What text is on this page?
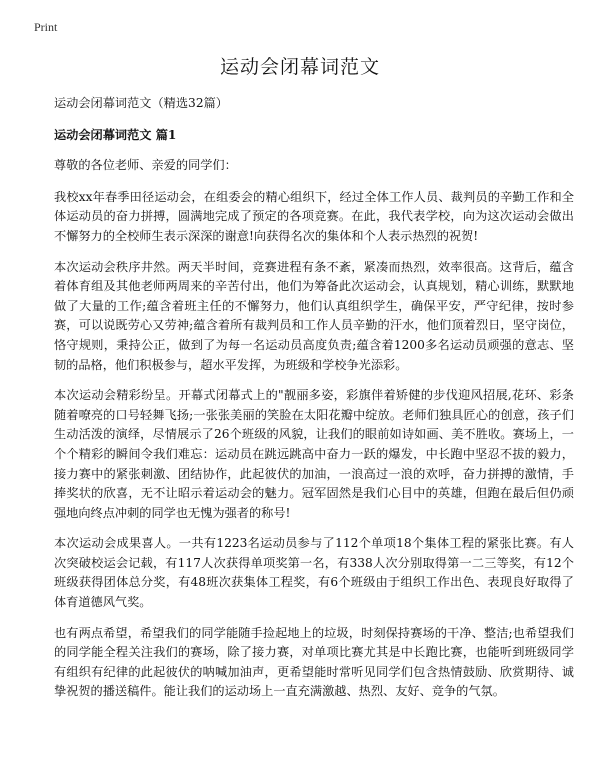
Print
运动会闭幕词范文

运动会闭幕词范文（精选32篇）

运动会闭幕词范文 篇1

尊敬的各位老师、亲爱的同学们：

我校xx年春季田径运动会，在组委会的精心组织下，经过全体工作人员、裁判员的辛勤工作和全体运动员的奋力拼搏，圆满地完成了预定的各项竞赛。在此，我代表学校，向为这次运动会做出不懈努力的全校师生表示深深的谢意!向获得名次的集体和个人表示热烈的祝贺!

本次运动会秩序井然。两天半时间，竞赛进程有条不紊，紧凑而热烈，效率很高。这背后，蕴含着体育组及其他老师两周来的辛苦付出，他们为筹备此次运动会，认真规划，精心训练，默默地做了大量的工作;蕴含着班主任的不懈努力，他们认真组织学生，确保平安，严守纪律，按时参赛，可以说既劳心又劳神;蕴含着所有裁判员和工作人员辛勤的汗水，他们顶着烈日，坚守岗位，恪守规则，秉持公正，做到了为每一名运动员高度负责;蕴含着1200多名运动员顽强的意志、坚韧的品格，他们积极参与，超水平发挥，为班级和学校争光添彩。

本次运动会精彩纷呈。开幕式闭幕式上的"靓丽多姿，彩旗伴着矫健的步伐迎风招展,花环、彩条随着嘹亮的口号轻舞飞扬;一张张美丽的笑脸在太阳花瓣中绽放。老师们独具匠心的创意，孩子们生动活泼的演绎，尽情展示了26个班级的风貌，让我们的眼前如诗如画、美不胜收。赛场上，一个个精彩的瞬间令我们难忘：运动员在跳远跳高中奋力一跃的爆发，中长跑中坚忍不拔的毅力，接力赛中的紧张刺激、团结协作，此起彼伏的加油，一浪高过一浪的欢呼，奋力拼搏的激情，手捧奖状的欣喜，无不让昭示着运动会的魅力。冠军固然是我们心目中的英雄，但跑在最后但仍顽强地向终点冲刺的同学也无愧为强者的称号!

本次运动会成果喜人。一共有1223名运动员参与了112个单项18个集体工程的紧张比赛。有人次突破校运会记载，有117人次获得单项奖第一名，有338人次分别取得第一二三等奖，有12个班级获得团体总分奖，有48班次获集体工程奖，有6个班级由于组织工作出色、表现良好取得了体育道德风气奖。

也有两点希望，希望我们的同学能随手捡起地上的垃圾，时刻保持赛场的干净、整洁;也希望我们的同学能全程关注我们的赛场，除了接力赛，对单项比赛尤其是中长跑比赛，也能听到班级同学有组织有纪律的此起彼伏的呐喊加油声，更希望能时常听见同学们包含热情鼓励、欣赏期待、诚挚祝贺的播送稿件。能让我们的运动场上一直充满激越、热烈、友好、竞争的气氛。
